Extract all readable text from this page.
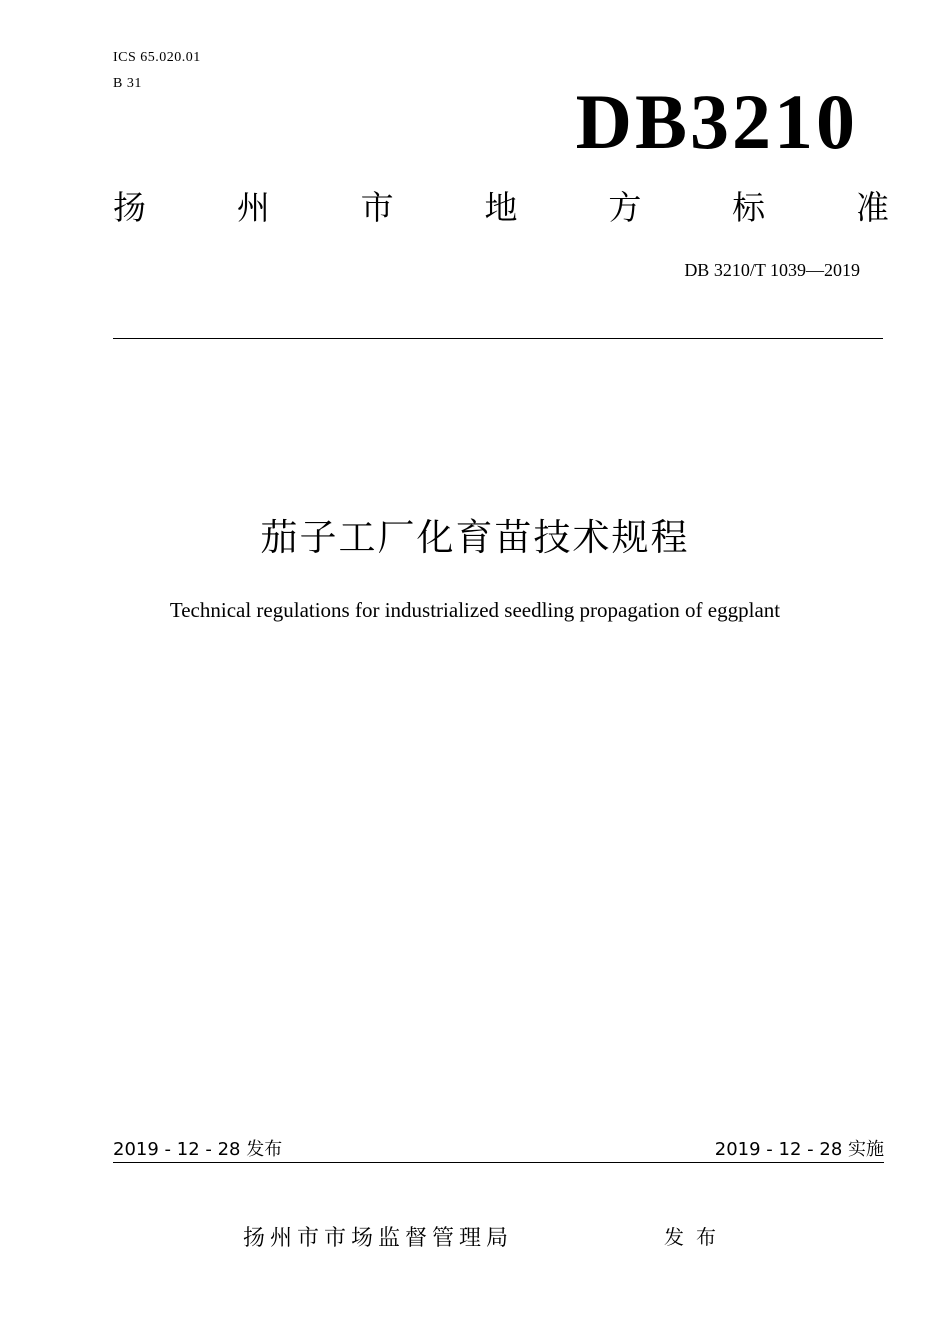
ICS 65.020.01
B 31	DB3210
扬	州	市	地	方	标	准
DB 3210/T 1039—2019
茄子工厂化育苗技术规程
Technical regulations for industrialized seedling propagation of eggplant
2019 - 12 - 28 发布	2019 - 12 - 28 实施
扬州市市场监督管理局	发布
